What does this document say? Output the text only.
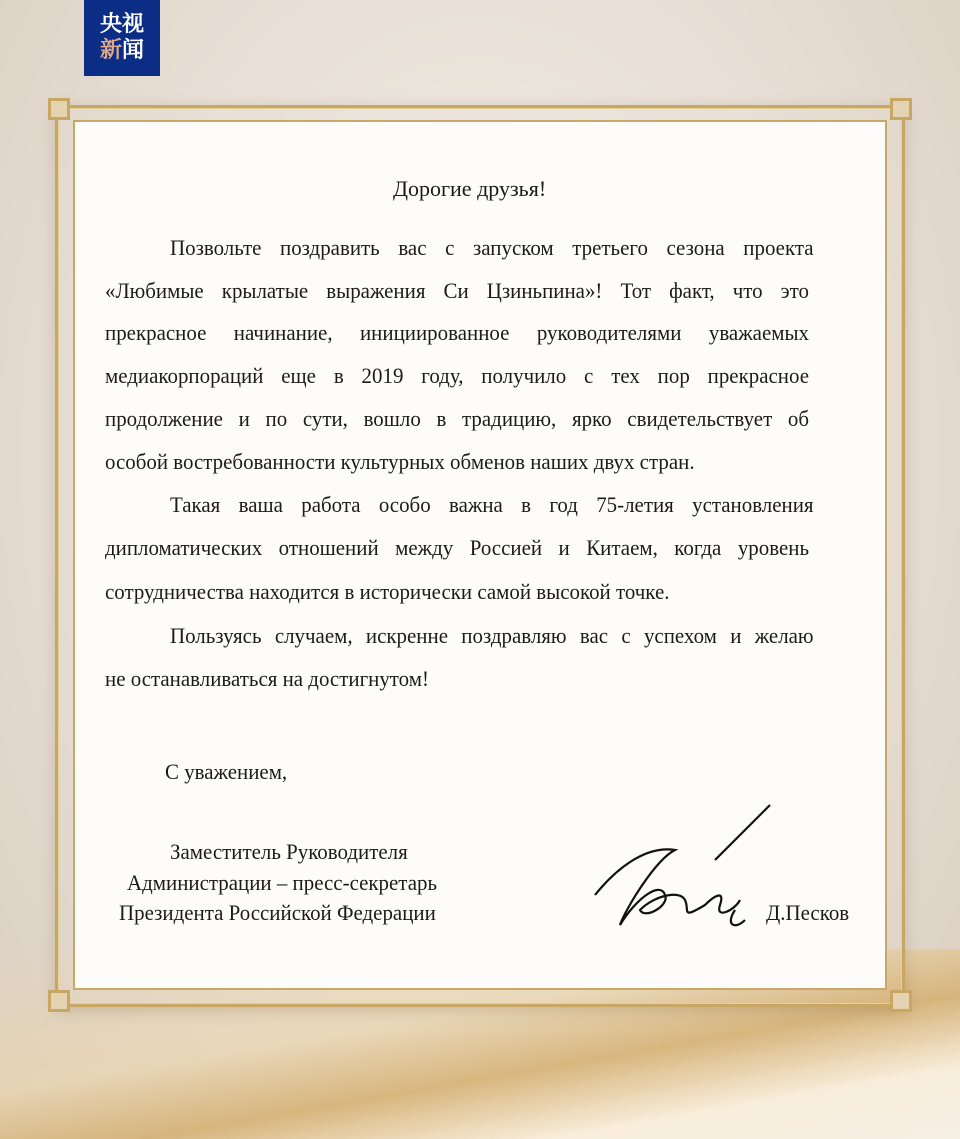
央视
新闻
Дорогие друзья!
Позвольте поздравить вас с запуском третьего сезона проекта
«Любимые крылатые выражения Си Цзиньпина»! Тот факт, что это
прекрасное начинание, инициированное руководителями уважаемых
медиакорпораций еще в 2019 году, получило с тех пор прекрасное
продолжение и по сути, вошло в традицию, ярко свидетельствует об
особой востребованности культурных обменов наших двух стран.
Такая ваша работа особо важна в год 75-летия установления
дипломатических отношений между Россией и Китаем, когда уровень
сотрудничества находится в исторически самой высокой точке.
Пользуясь случаем, искренне поздравляю вас с успехом и желаю
не останавливаться на достигнутом!
С уважением,
Заместитель Руководителя
Администрации – пресс-секретарь
Президента Российской Федерации	Д.Песков
